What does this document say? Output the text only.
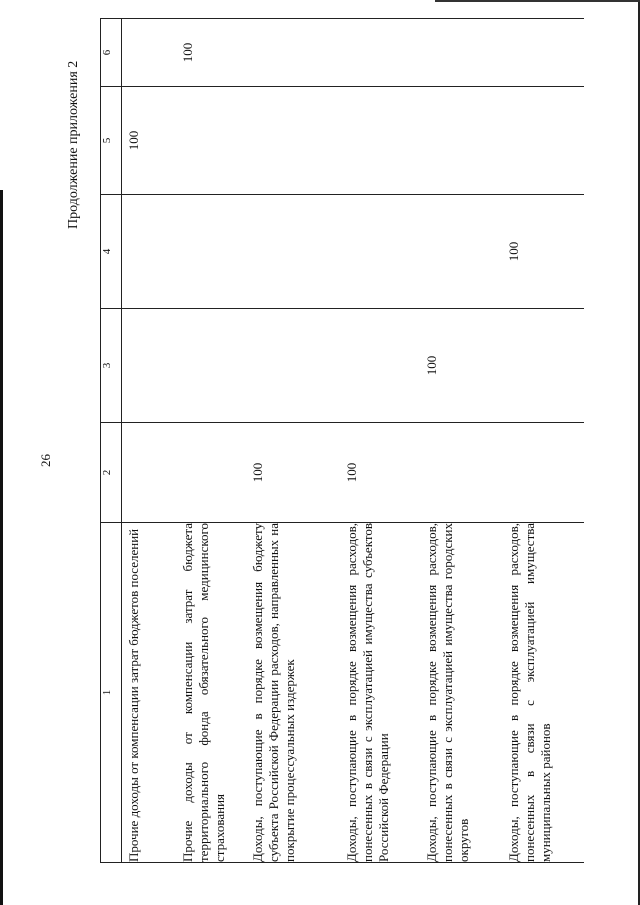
26
Продолжение приложения 2
1	2	3	4	5	6
Прочие доходы от компенсации затрат бюджетов поселений				100	
Прочие доходы от компенсации затрат бюджета территориального фонда обязательного медицинского страхования					100
Доходы, поступающие в порядке возмещения бюджету субъекта Российской Федерации расходов, направленных на покрытие процессуальных издержек	100				
Доходы, поступающие в порядке возмещения расходов, понесенных в связи с эксплуатацией имущества субъектов Российской Федерации	100				
Доходы, поступающие в порядке возмещения расходов, понесенных в связи с эксплуатацией имущества городских округов		100			
Доходы, поступающие в порядке возмещения расходов, понесенных в связи с эксплуатацией имущества муниципальных районов			100		
